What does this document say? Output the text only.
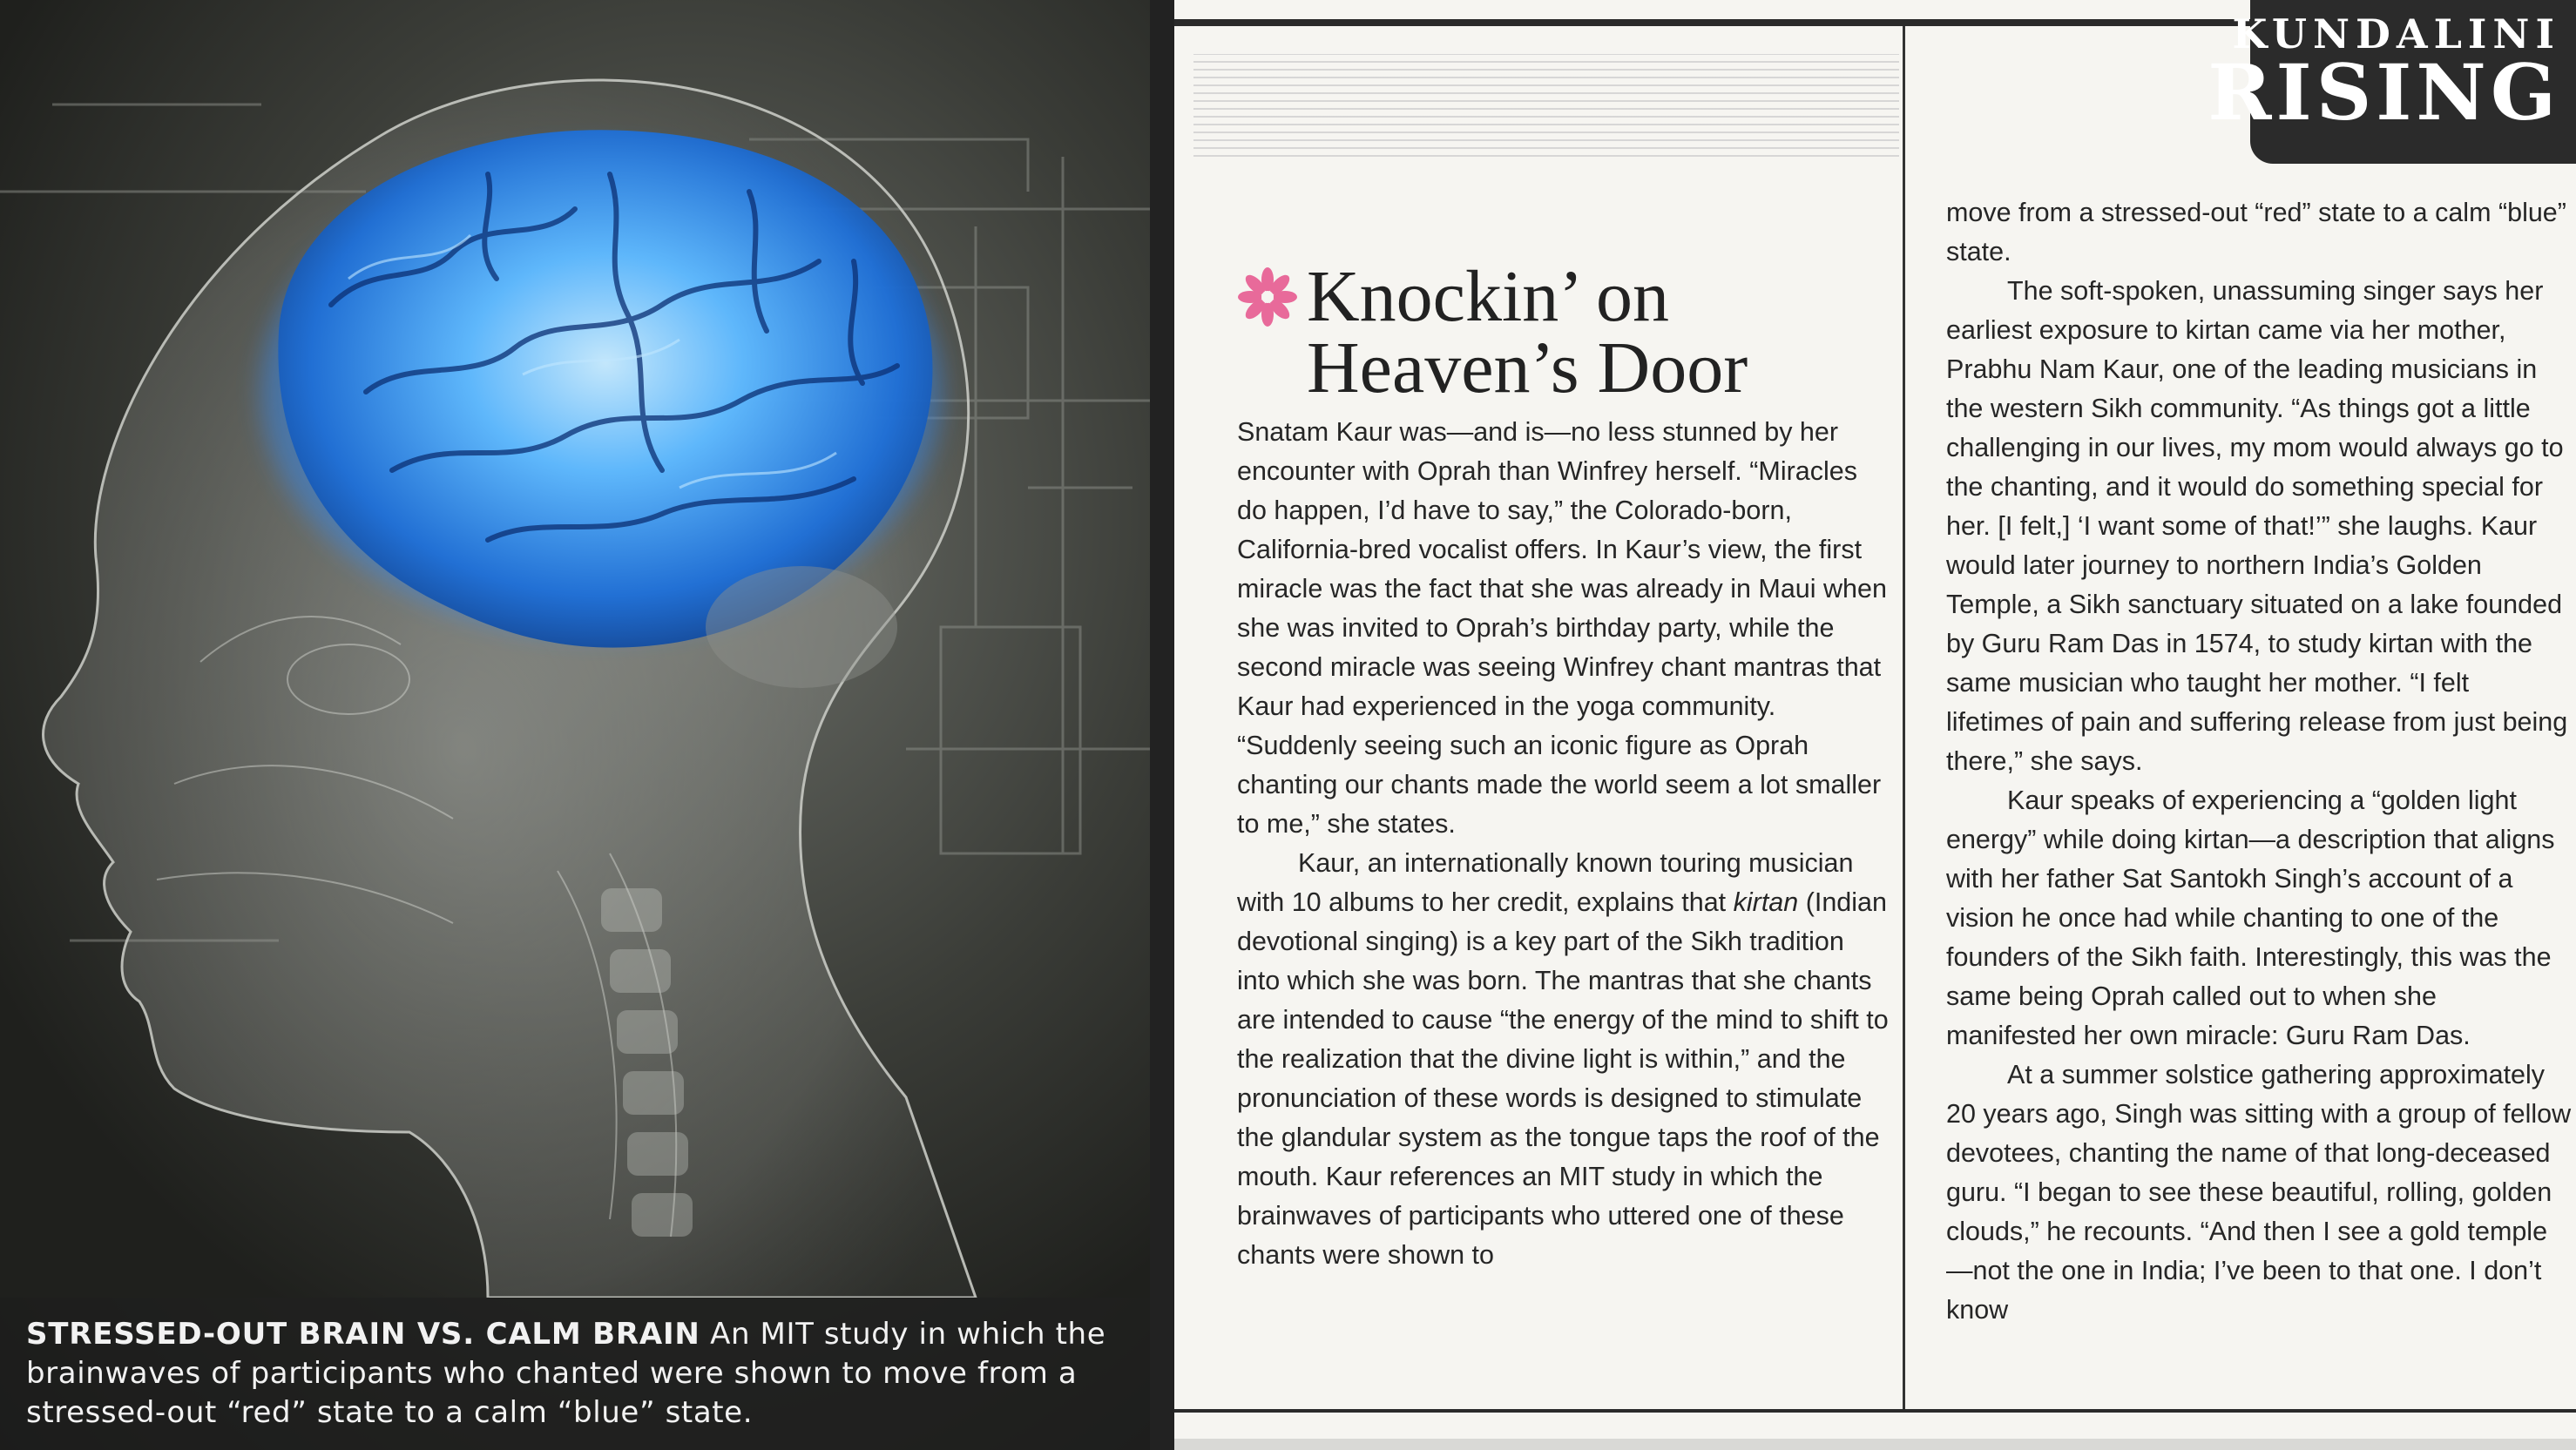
STRESSED-OUT BRAIN VS. CALM BRAIN An MIT study in which the brainwaves of participants who chanted were shown to move from a stressed-out “red” state to a calm “blue” state.

KUNDALINI
RISING
Knockin’ on
Heaven’s Door

Snatam Kaur was—and is—no less stunned by her encounter with Oprah than Winfrey herself. “Miracles do happen, I’d have to say,” the Colorado-born, California-bred vocalist offers. In Kaur’s view, the first miracle was the fact that she was already in Maui when she was invited to Oprah’s birthday party, while the second miracle was seeing Winfrey chant mantras that Kaur had experienced in the yoga community. “Suddenly seeing such an iconic figure as Oprah chanting our chants made the world seem a lot smaller to me,” she states.

Kaur, an internationally known touring musician with 10 albums to her credit, explains that kirtan (Indian devotional singing) is a key part of the Sikh tradition into which she was born. The mantras that she chants are intended to cause “the energy of the mind to shift to the realization that the divine light is within,” and the pronunciation of these words is designed to stimulate the glandular system as the tongue taps the roof of the mouth. Kaur references an MIT study in which the brainwaves of participants who uttered one of these chants were shown to

move from a stressed-out “red” state to a calm “blue” state.

The soft-spoken, unassuming singer says her earliest exposure to kirtan came via her mother, Prabhu Nam Kaur, one of the leading musicians in the western Sikh community. “As things got a little challenging in our lives, my mom would always go to the chanting, and it would do something special for her. [I felt,] ‘I want some of that!’” she laughs. Kaur would later journey to northern India’s Golden Temple, a Sikh sanctuary situated on a lake founded by Guru Ram Das in 1574, to study kirtan with the same musician who taught her mother. “I felt lifetimes of pain and suffering release from just being there,” she says.

Kaur speaks of experiencing a “golden light energy” while doing kirtan—a description that aligns with her father Sat Santokh Singh’s account of a vision he once had while chanting to one of the founders of the Sikh faith. Interestingly, this was the same being Oprah called out to when she manifested her own miracle: Guru Ram Das.

At a summer solstice gathering approximately 20 years ago, Singh was sitting with a group of fellow devotees, chanting the name of that long-deceased guru. “I began to see these beautiful, rolling, golden clouds,” he recounts. “And then I see a gold temple—not the one in India; I’ve been to that one. I don’t know
